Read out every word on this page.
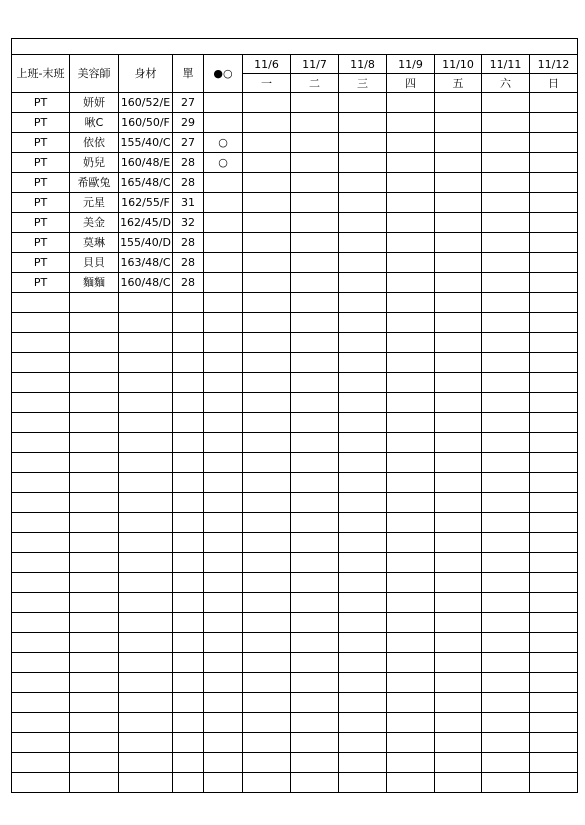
上班-末班	美容師	身材	單	●○	11/6	11/7	11/8	11/9	11/10	11/11	11/12
					一	二	三	四	五	六	日
PT	妍妍	160/52/E	27								
PT	啾C	160/50/F	29								
PT	依依	155/40/C	27	○							
PT	奶兒	160/48/E	28	○							
PT	希歐兔	165/48/C	28								
PT	元星	162/55/F	31								
PT	美金	162/45/D	32								
PT	莫琳	155/40/D	28								
PT	貝貝	163/48/C	28								
PT	麵麵	160/48/C	28								
